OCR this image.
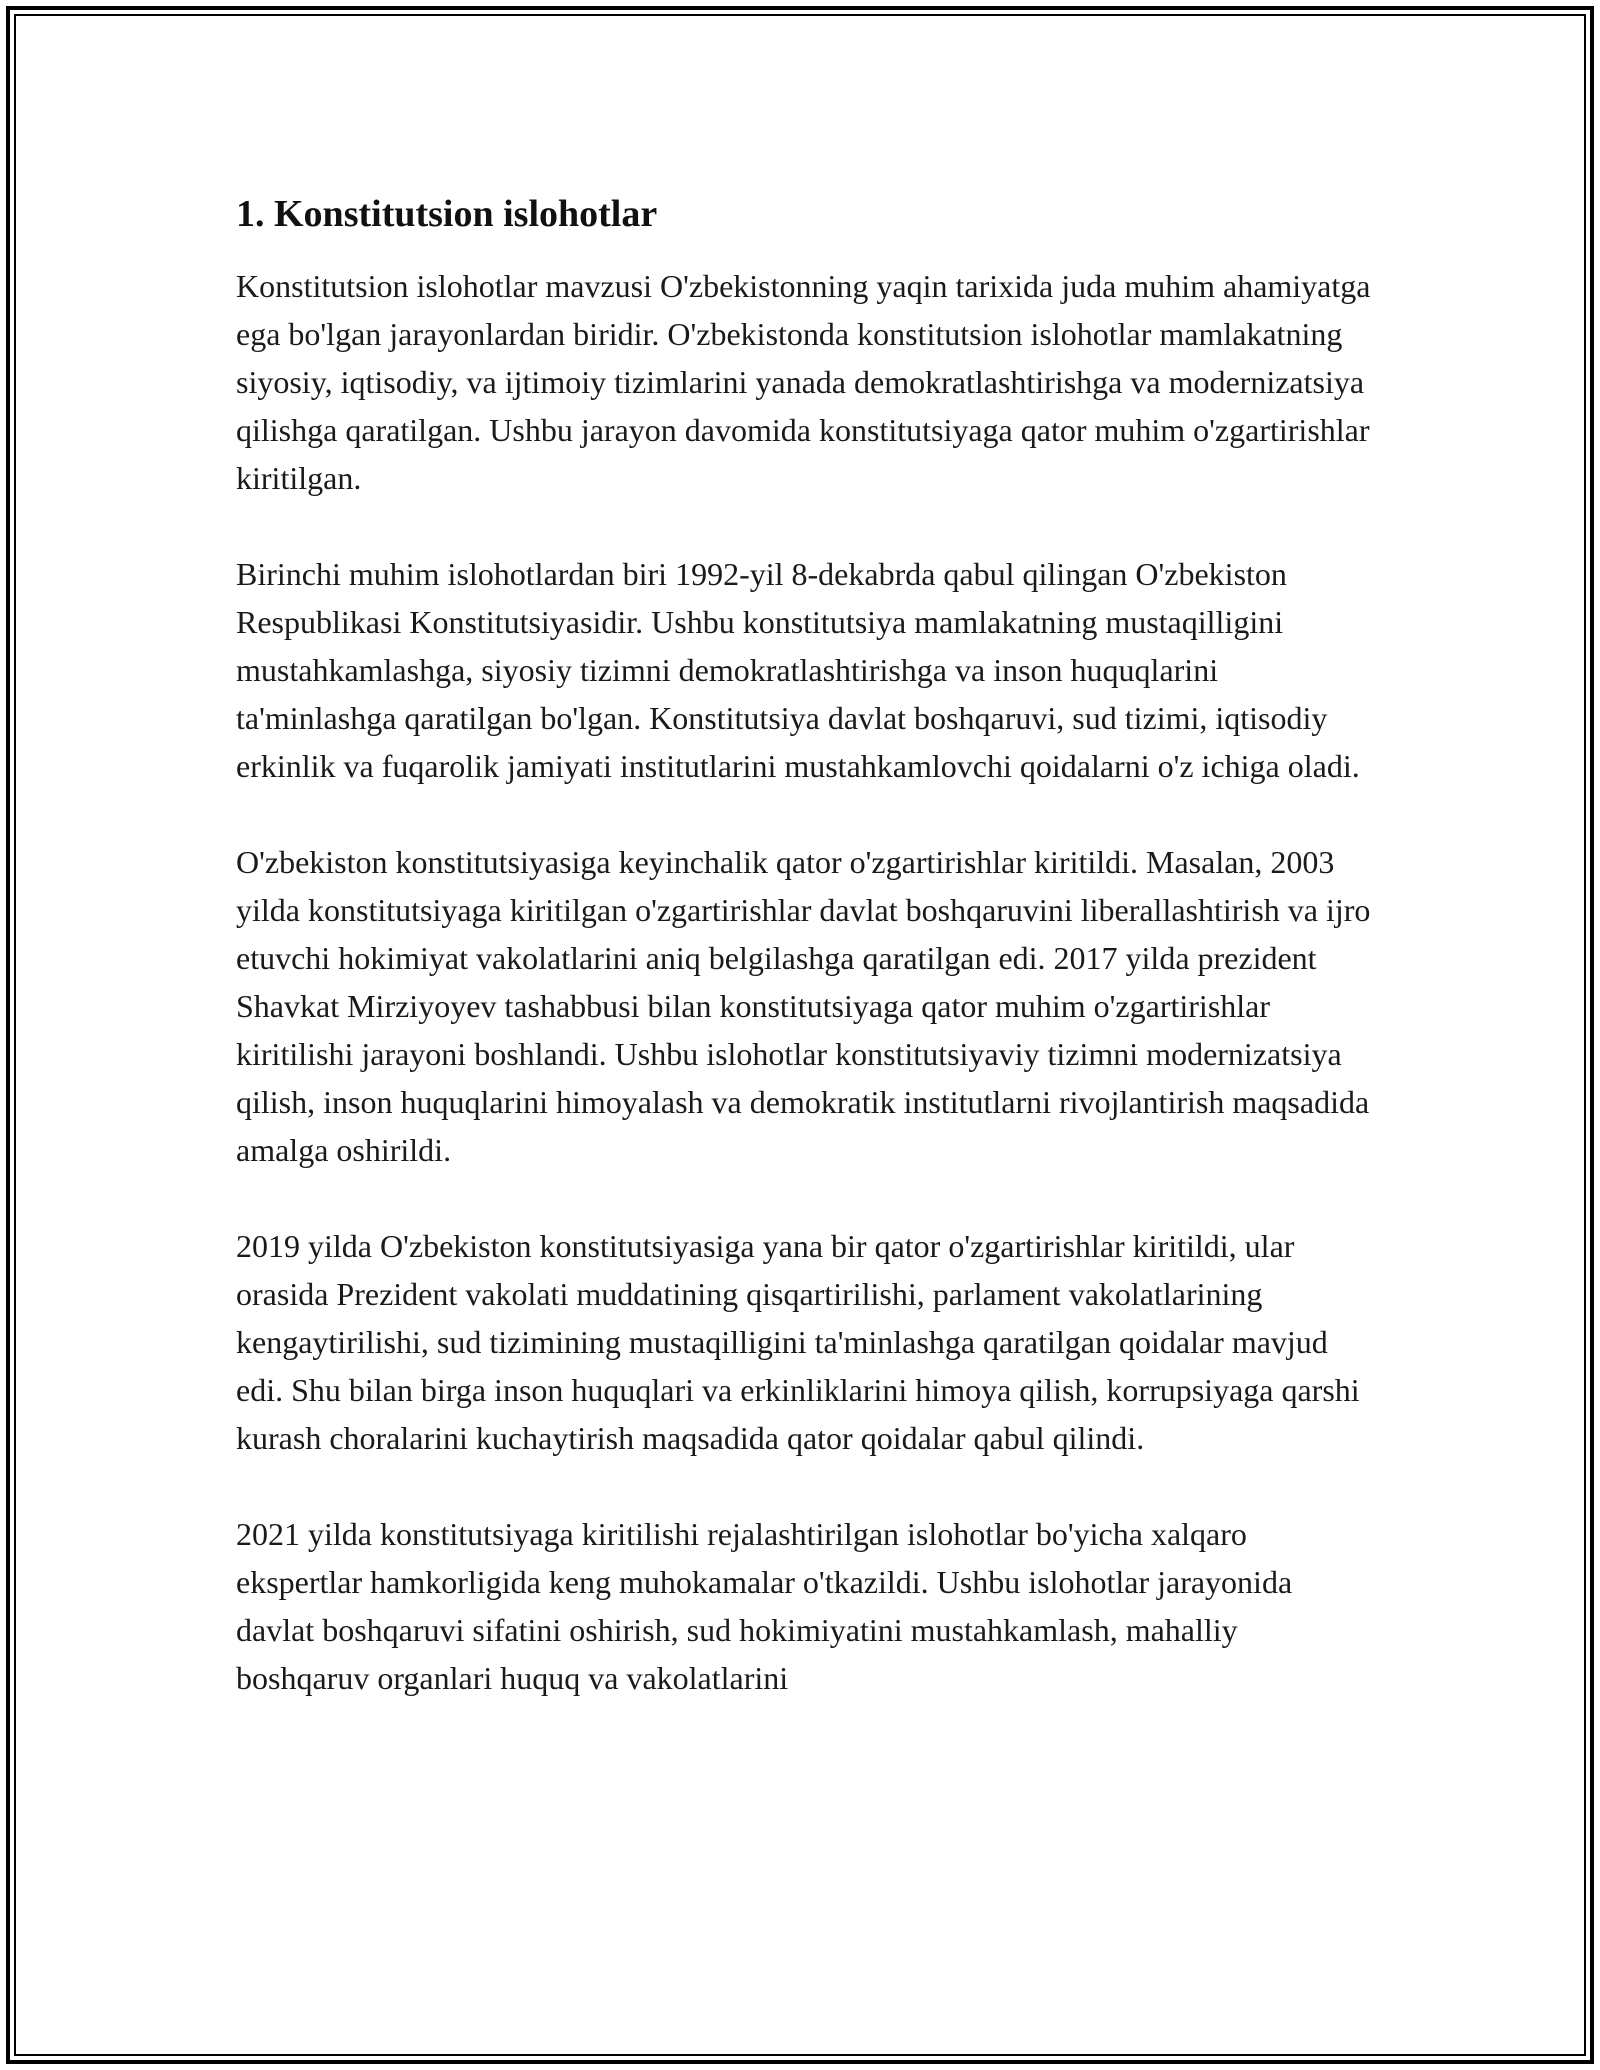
1. Konstitutsion islohotlar

Konstitutsion islohotlar mavzusi O'zbekistonning yaqin tarixida juda muhim ahamiyatga ega bo'lgan jarayonlardan biridir. O'zbekistonda konstitutsion islohotlar mamlakatning siyosiy, iqtisodiy, va ijtimoiy tizimlarini yanada demokratlashtirishga va modernizatsiya qilishga qaratilgan. Ushbu jarayon davomida konstitutsiyaga qator muhim o'zgartirishlar kiritilgan.

Birinchi muhim islohotlardan biri 1992-yil 8-dekabrda qabul qilingan O'zbekiston Respublikasi Konstitutsiyasidir. Ushbu konstitutsiya mamlakatning mustaqilligini mustahkamlashga, siyosiy tizimni demokratlashtirishga va inson huquqlarini ta'minlashga qaratilgan bo'lgan. Konstitutsiya davlat boshqaruvi, sud tizimi, iqtisodiy erkinlik va fuqarolik jamiyati institutlarini mustahkamlovchi qoidalarni o'z ichiga oladi.

O'zbekiston konstitutsiyasiga keyinchalik qator o'zgartirishlar kiritildi. Masalan, 2003 yilda konstitutsiyaga kiritilgan o'zgartirishlar davlat boshqaruvini liberallashtirish va ijro etuvchi hokimiyat vakolatlarini aniq belgilashga qaratilgan edi. 2017 yilda prezident Shavkat Mirziyoyev tashabbusi bilan konstitutsiyaga qator muhim o'zgartirishlar kiritilishi jarayoni boshlandi. Ushbu islohotlar konstitutsiyaviy tizimni modernizatsiya qilish, inson huquqlarini himoyalash va demokratik institutlarni rivojlantirish maqsadida amalga oshirildi.

2019 yilda O'zbekiston konstitutsiyasiga yana bir qator o'zgartirishlar kiritildi, ular orasida Prezident vakolati muddatining qisqartirilishi, parlament vakolatlarining kengaytirilishi, sud tizimining mustaqilligini ta'minlashga qaratilgan qoidalar mavjud edi. Shu bilan birga inson huquqlari va erkinliklarini himoya qilish, korrupsiyaga qarshi kurash choralarini kuchaytirish maqsadida qator qoidalar qabul qilindi.

2021 yilda konstitutsiyaga kiritilishi rejalashtirilgan islohotlar bo'yicha xalqaro ekspertlar hamkorligida keng muhokamalar o'tkazildi. Ushbu islohotlar jarayonida davlat boshqaruvi sifatini oshirish, sud hokimiyatini mustahkamlash, mahalliy boshqaruv organlari huquq va vakolatlarini
